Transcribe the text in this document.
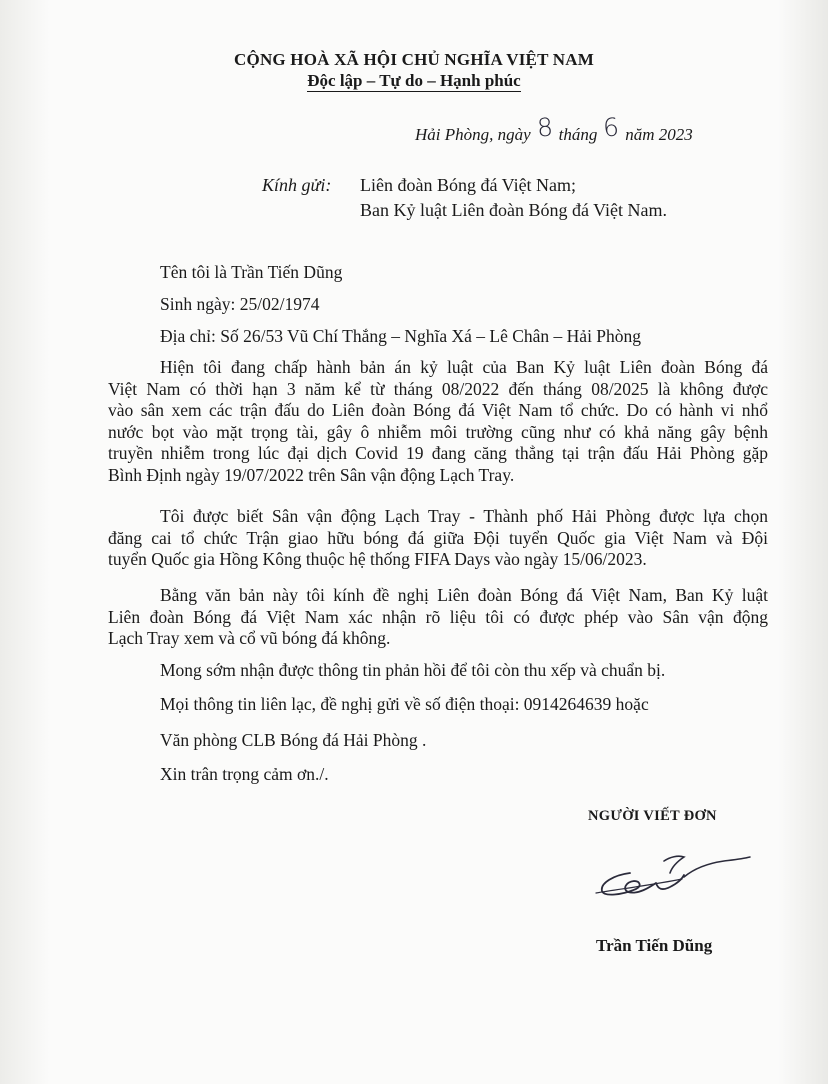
CỘNG HOÀ XÃ HỘI CHỦ NGHĨA VIỆT NAM
Độc lập – Tự do – Hạnh phúc
Hải Phòng, ngày 8 tháng 6 năm 2023
Kính gửi: Liên đoàn Bóng đá Việt Nam;
Ban Kỷ luật Liên đoàn Bóng đá Việt Nam.
Tên tôi là Trần Tiến Dũng
Sinh ngày: 25/02/1974
Địa chỉ: Số 26/53 Vũ Chí Thắng – Nghĩa Xá – Lê Chân – Hải Phòng
Hiện tôi đang chấp hành bản án kỷ luật của Ban Kỷ luật Liên đoàn Bóng đá
Việt Nam có thời hạn 3 năm kể từ tháng 08/2022 đến tháng 08/2025 là không được
vào sân xem các trận đấu do Liên đoàn Bóng đá Việt Nam tổ chức. Do có hành vi nhổ
nước bọt vào mặt trọng tài, gây ô nhiễm môi trường cũng như có khả năng gây bệnh
truyền nhiễm trong lúc đại dịch Covid 19 đang căng thẳng tại trận đấu Hải Phòng gặp
Bình Định ngày 19/07/2022 trên Sân vận động Lạch Tray.
Tôi được biết Sân vận động Lạch Tray - Thành phố Hải Phòng được lựa chọn
đăng cai tổ chức Trận giao hữu bóng đá giữa Đội tuyển Quốc gia Việt Nam và Đội
tuyển Quốc gia Hồng Kông thuộc hệ thống FIFA Days vào ngày 15/06/2023.
Bằng văn bản này tôi kính đề nghị Liên đoàn Bóng đá Việt Nam, Ban Kỷ luật
Liên đoàn Bóng đá Việt Nam xác nhận rõ liệu tôi có được phép vào Sân vận động
Lạch Tray xem và cổ vũ bóng đá không.
Mong sớm nhận được thông tin phản hồi để tôi còn thu xếp và chuẩn bị.
Mọi thông tin liên lạc, đề nghị gửi về số điện thoại: 0914264639 hoặc
Văn phòng CLB Bóng đá Hải Phòng .
Xin trân trọng cảm ơn./.
NGƯỜI VIẾT ĐƠN
Trần Tiến Dũng
